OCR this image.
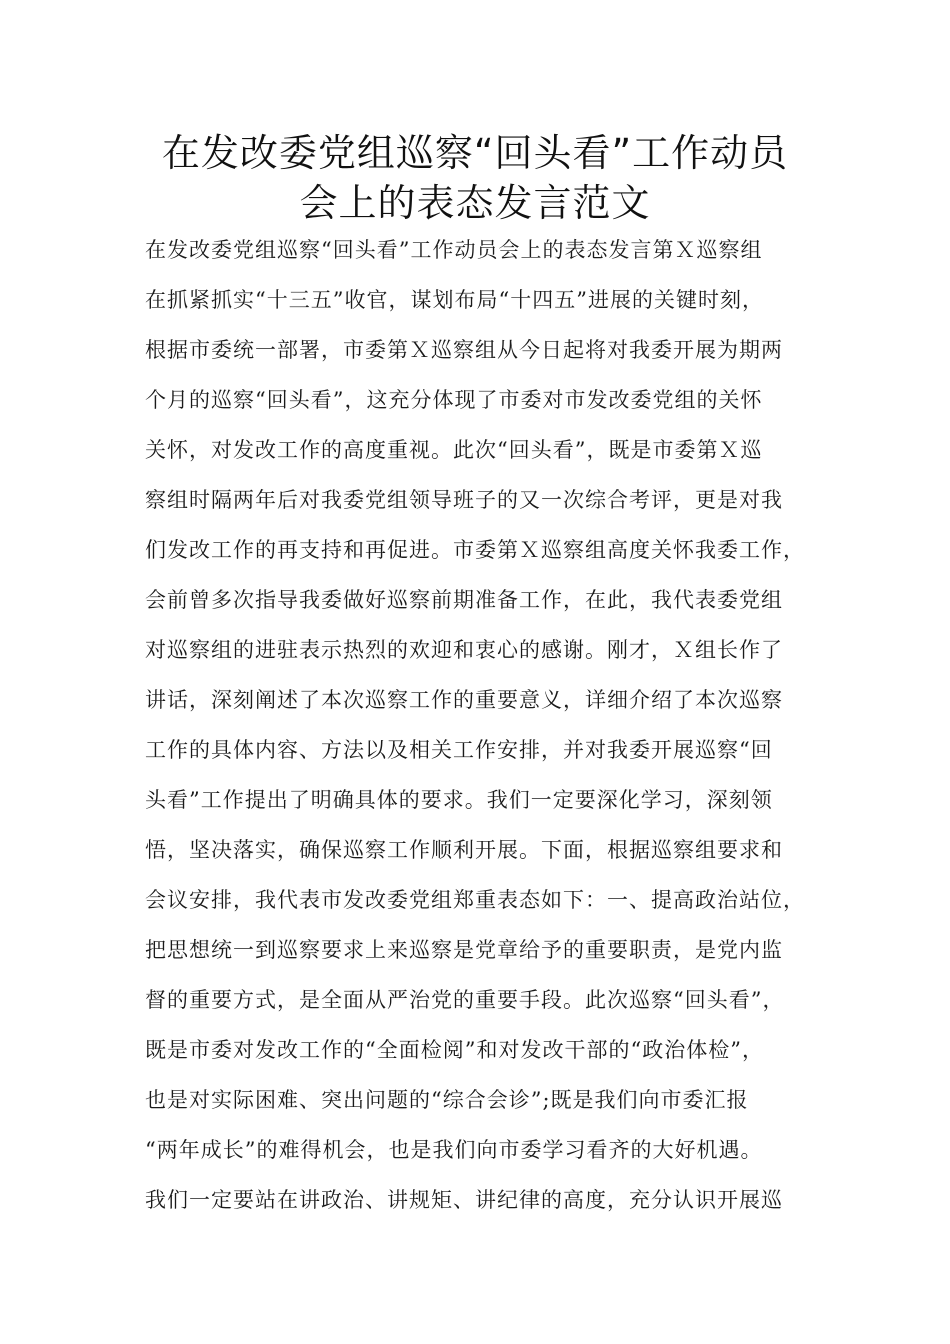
在发改委党组巡察“回头看”工作动员
会上的表态发言范文
在发改委党组巡察“回头看”工作动员会上的表态发言第Ｘ巡察组
在抓紧抓实“十三五”收官，谋划布局“十四五”进展的关键时刻，
根据市委统一部署，市委第Ｘ巡察组从今日起将对我委开展为期两
个月的巡察“回头看”，这充分体现了市委对市发改委党组的关怀
关怀，对发改工作的高度重视。此次“回头看”，既是市委第Ｘ巡
察组时隔两年后对我委党组领导班子的又一次综合考评，更是对我
们发改工作的再支持和再促进。市委第Ｘ巡察组高度关怀我委工作，
会前曾多次指导我委做好巡察前期准备工作，在此，我代表委党组
对巡察组的进驻表示热烈的欢迎和衷心的感谢。刚才，Ｘ组长作了
讲话，深刻阐述了本次巡察工作的重要意义，详细介绍了本次巡察
工作的具体内容、方法以及相关工作安排，并对我委开展巡察“回
头看”工作提出了明确具体的要求。我们一定要深化学习，深刻领
悟，坚决落实，确保巡察工作顺利开展。下面，根据巡察组要求和
会议安排，我代表市发改委党组郑重表态如下：一、提高政治站位，
把思想统一到巡察要求上来巡察是党章给予的重要职责，是党内监
督的重要方式，是全面从严治党的重要手段。此次巡察“回头看”，
既是市委对发改工作的“全面检阅”和对发改干部的“政治体检”，
也是对实际困难、突出问题的“综合会诊”;既是我们向市委汇报
“两年成长”的难得机会，也是我们向市委学习看齐的大好机遇。
我们一定要站在讲政治、讲规矩、讲纪律的高度，充分认识开展巡
